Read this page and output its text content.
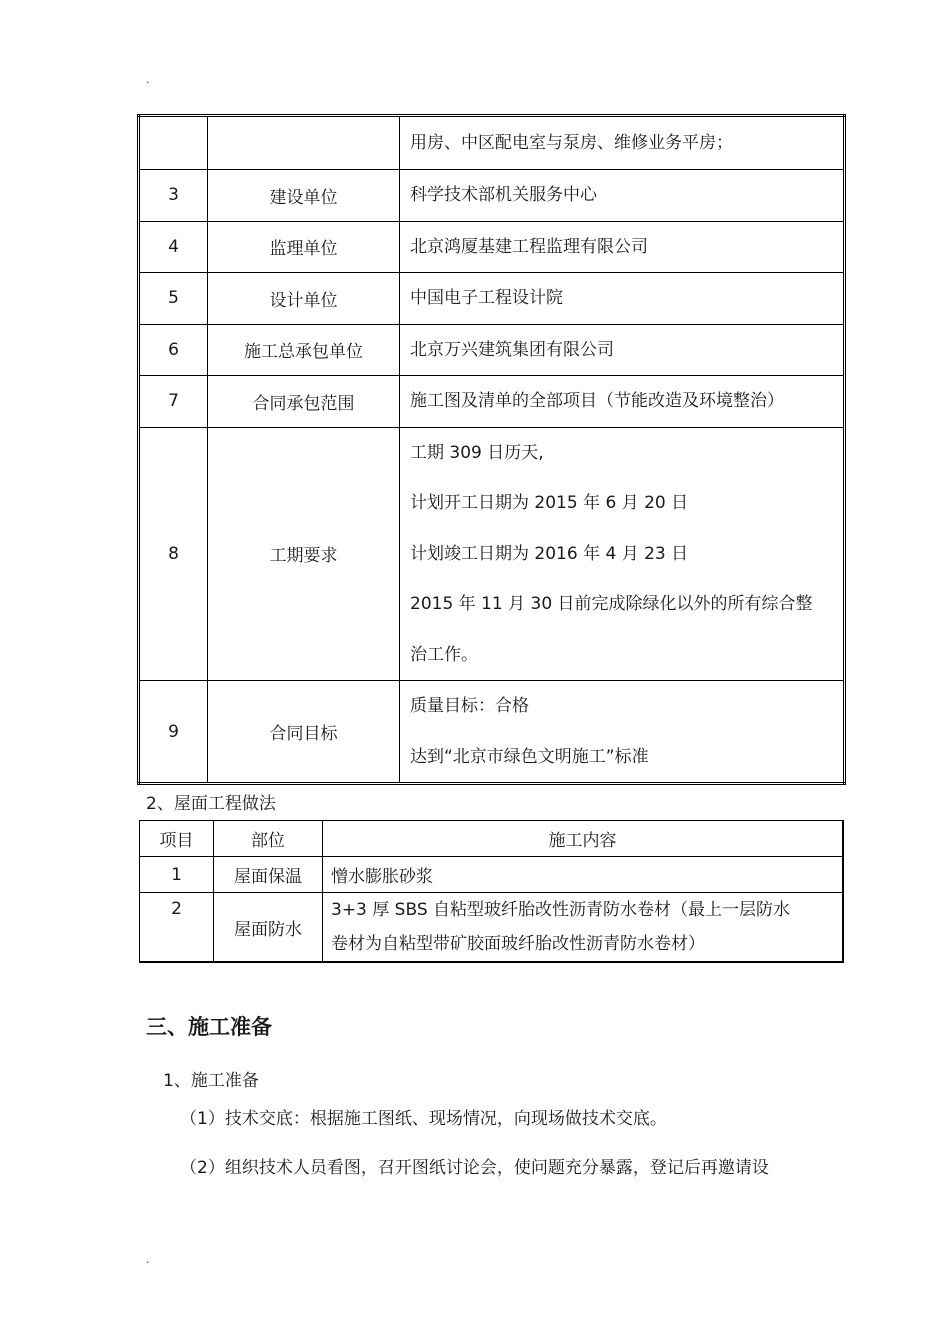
.

		用房、中区配电室与泵房、维修业务平房；

3	建设单位	科学技术部机关服务中心

4	监理单位	北京鸿厦基建工程监理有限公司

5	设计单位	中国电子工程设计院

6	施工总承包单位	北京万兴建筑集团有限公司

7	合同承包范围	施工图及清单的全部项目（节能改造及环境整治）

8	工期要求	工期 309 日历天,
计划开工日期为 2015 年 6 月 20 日
计划竣工日期为 2016 年 4 月 23 日
2015 年 11 月 30 日前完成除绿化以外的所有综合整
治工作。

9	合同目标	质量目标：合格
达到“北京市绿色文明施工”标准
2、屋面工程做法
项目	部位	施工内容
1	屋面保温	憎水膨胀砂浆
2	屋面防水	3+3 厚 SBS 自粘型玻纤胎改性沥青防水卷材（最上一层防水
卷材为自粘型带矿胶面玻纤胎改性沥青防水卷材）
三、施工准备
1、施工准备
（1）技术交底：根据施工图纸、现场情况，向现场做技术交底。
（2）组织技术人员看图，召开图纸讨论会，使问题充分暴露，登记后再邀请设
.
